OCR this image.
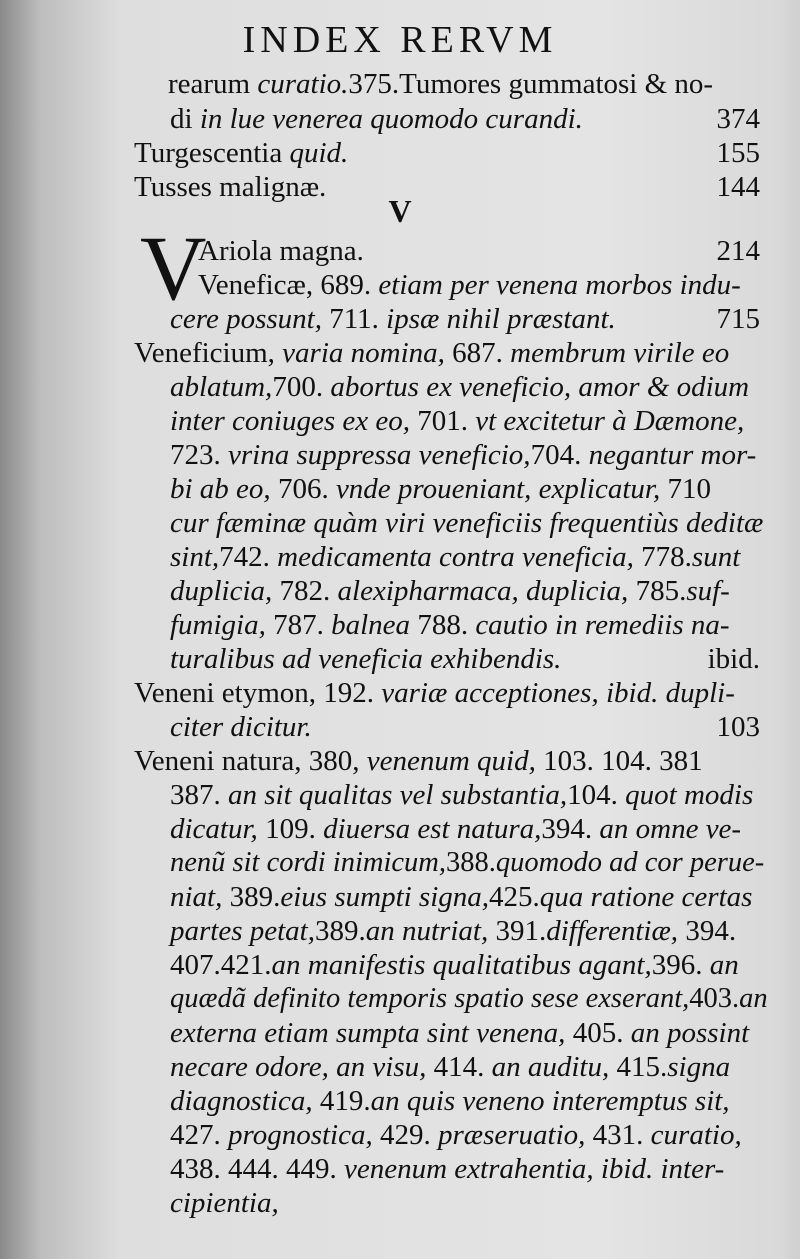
INDEX RERVM
V
V
rearum curatio.375.Tumores gummatosi & no-
di in lue venerea quomodo curandi.	374
Turgescentia quid.	155
Tusses malignæ.	144
Ariola magna.	214
Veneficæ, 689. etiam per venena morbos indu-
cere possunt, 711. ipsæ nihil præstant.	715
Veneficium, varia nomina, 687. membrum virile eo
ablatum,700. abortus ex veneficio, amor & odium
inter coniuges ex eo, 701. vt excitetur à Dæmone,
723. vrina suppressa veneficio,704. negantur mor-
bi ab eo, 706. vnde proueniant, explicatur, 710
cur fæminæ quàm viri veneficiis frequentiùs deditæ
sint,742. medicamenta contra veneficia, 778.sunt
duplicia, 782. alexipharmaca, duplicia, 785.suf-
fumigia, 787. balnea 788. cautio in remediis na-
turalibus ad veneficia exhibendis.	ibid.
Veneni etymon, 192. variæ acceptiones, ibid. dupli-
citer dicitur.	103
Veneni natura, 380, venenum quid, 103. 104. 381
387. an sit qualitas vel substantia,104. quot modis
dicatur, 109. diuersa est natura,394. an omne ve-
nenũ sit cordi inimicum,388.quomodo ad cor perue-
niat, 389.eius sumpti signa,425.qua ratione certas
partes petat,389.an nutriat, 391.differentiæ, 394.
407.421.an manifestis qualitatibus agant,396. an
quædã definito temporis spatio sese exserant,403.an
externa etiam sumpta sint venena, 405. an possint
necare odore, an visu, 414. an auditu, 415.signa
diagnostica, 419.an quis veneno interemptus sit,
427. prognostica, 429. præseruatio, 431. curatio,
438. 444. 449. venenum extrahentia, ibid. inter-
cipientia,
